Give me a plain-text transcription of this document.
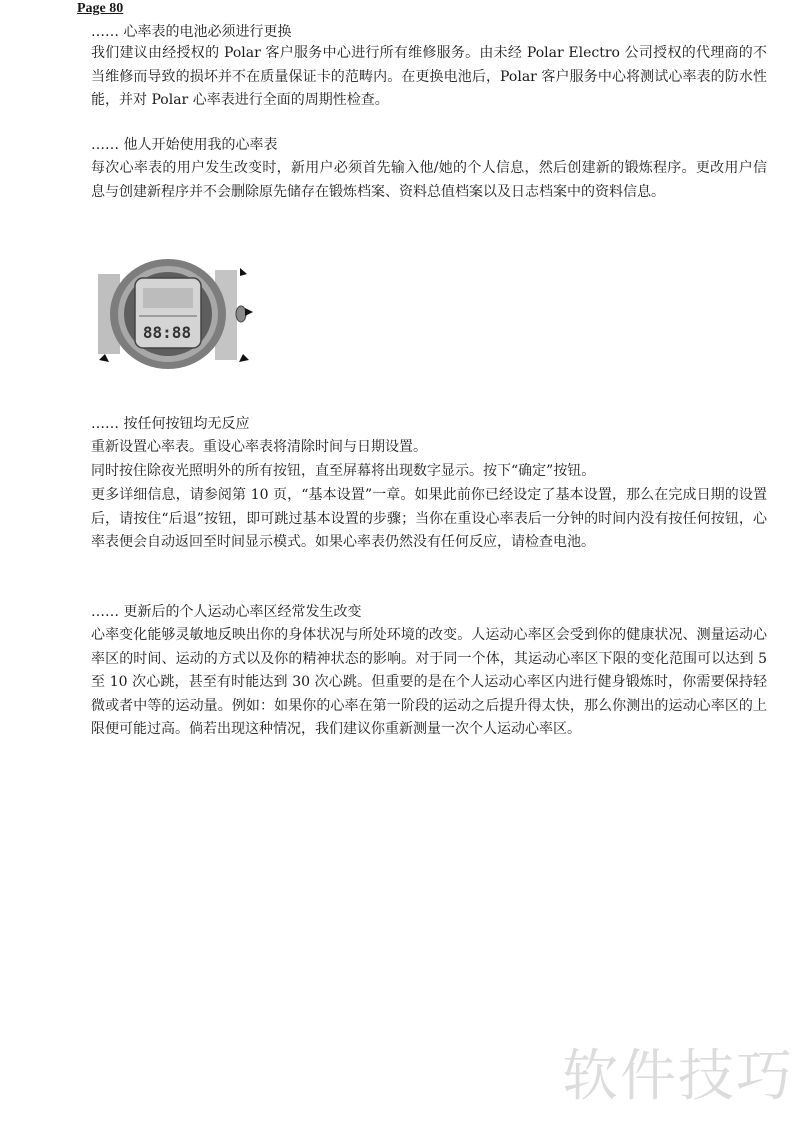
Page 80
…… 心率表的电池必须进行更换
我们建议由经授权的 Polar 客户服务中心进行所有维修服务。由未经 Polar Electro 公司授权的代理商的不当维修而导致的损坏并不在质量保证卡的范畴内。在更换电池后，Polar 客户服务中心将测试心率表的防水性能，并对 Polar 心率表进行全面的周期性检查。
…… 他人开始使用我的心率表
每次心率表的用户发生改变时，新用户必须首先输入他/她的个人信息，然后创建新的锻炼程序。更改用户信息与创建新程序并不会删除原先储存在锻炼档案、资料总值档案以及日志档案中的资料信息。
88:88
…… 按任何按钮均无反应
重新设置心率表。重设心率表将清除时间与日期设置。
同时按住除夜光照明外的所有按钮，直至屏幕将出现数字显示。按下“确定”按钮。
更多详细信息，请参阅第 10 页，“基本设置”一章。如果此前你已经设定了基本设置，那么在完成日期的设置后，请按住“后退”按钮，即可跳过基本设置的步骤；当你在重设心率表后一分钟的时间内没有按任何按钮，心率表便会自动返回至时间显示模式。如果心率表仍然没有任何反应，请检查电池。
…… 更新后的个人运动心率区经常发生改变
心率变化能够灵敏地反映出你的身体状况与所处环境的改变。人运动心率区会受到你的健康状况、测量运动心率区的时间、运动的方式以及你的精神状态的影响。对于同一个体，其运动心率区下限的变化范围可以达到 5 至 10 次心跳，甚至有时能达到 30 次心跳。但重要的是在个人运动心率区内进行健身锻炼时，你需要保持轻微或者中等的运动量。例如：如果你的心率在第一阶段的运动之后提升得太快，那么你测出的运动心率区的上限便可能过高。倘若出现这种情况，我们建议你重新测量一次个人运动心率区。
软件技巧
